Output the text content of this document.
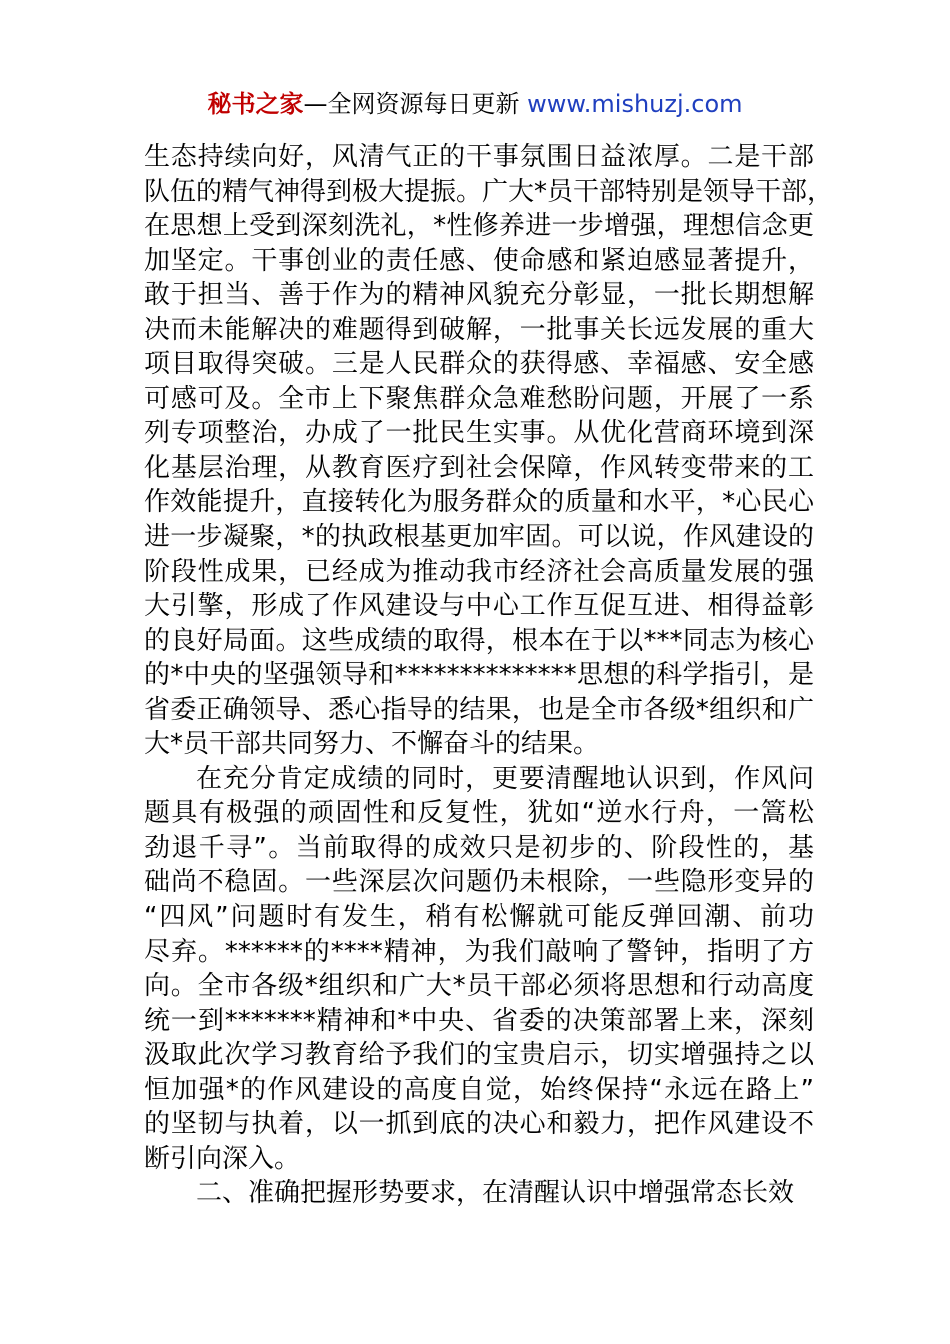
秘书之家—全网资源每日更新 www.mishuzj.com
生态持续向好，风清气正的干事氛围日益浓厚。二是干部
队伍的精气神得到极大提振。广大*员干部特别是领导干部，
在思想上受到深刻洗礼，*性修养进一步增强，理想信念更
加坚定。干事创业的责任感、使命感和紧迫感显著提升，
敢于担当、善于作为的精神风貌充分彰显，一批长期想解
决而未能解决的难题得到破解，一批事关长远发展的重大
项目取得突破。三是人民群众的获得感、幸福感、安全感
可感可及。全市上下聚焦群众急难愁盼问题，开展了一系
列专项整治，办成了一批民生实事。从优化营商环境到深
化基层治理，从教育医疗到社会保障，作风转变带来的工
作效能提升，直接转化为服务群众的质量和水平，*心民心
进一步凝聚，*的执政根基更加牢固。可以说，作风建设的
阶段性成果，已经成为推动我市经济社会高质量发展的强
大引擎，形成了作风建设与中心工作互促互进、相得益彰
的良好局面。这些成绩的取得，根本在于以***同志为核心
的*中央的坚强领导和**************思想的科学指引，是
省委正确领导、悉心指导的结果，也是全市各级*组织和广
大*员干部共同努力、不懈奋斗的结果。
在充分肯定成绩的同时，更要清醒地认识到，作风问
题具有极强的顽固性和反复性，犹如“逆水行舟，一篙松
劲退千寻”。当前取得的成效只是初步的、阶段性的，基
础尚不稳固。一些深层次问题仍未根除，一些隐形变异的
“四风”问题时有发生，稍有松懈就可能反弹回潮、前功
尽弃。******的****精神，为我们敲响了警钟，指明了方
向。全市各级*组织和广大*员干部必须将思想和行动高度
统一到*******精神和*中央、省委的决策部署上来，深刻
汲取此次学习教育给予我们的宝贵启示，切实增强持之以
恒加强*的作风建设的高度自觉，始终保持“永远在路上”
的坚韧与执着，以一抓到底的决心和毅力，把作风建设不
断引向深入。
二、准确把握形势要求，在清醒认识中增强常态长效
